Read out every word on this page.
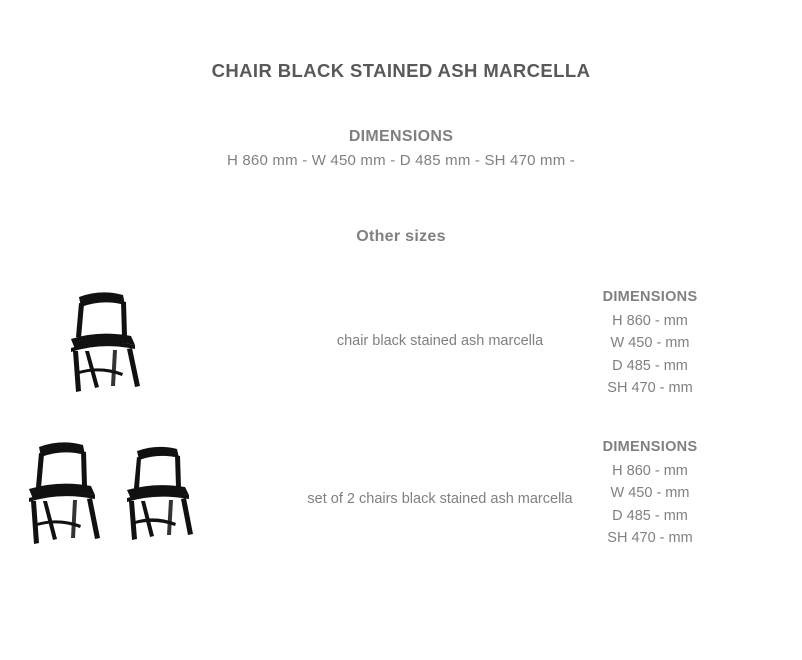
CHAIR BLACK STAINED ASH MARCELLA
DIMENSIONS
H 860 mm - W 450 mm - D 485 mm - SH 470 mm -
Other sizes
chair black stained ash marcella
DIMENSIONS
H 860 - mm
W 450 - mm
D 485 - mm
SH 470 - mm
set of 2 chairs black stained ash marcella
DIMENSIONS
H 860 - mm
W 450 - mm
D 485 - mm
SH 470 - mm
